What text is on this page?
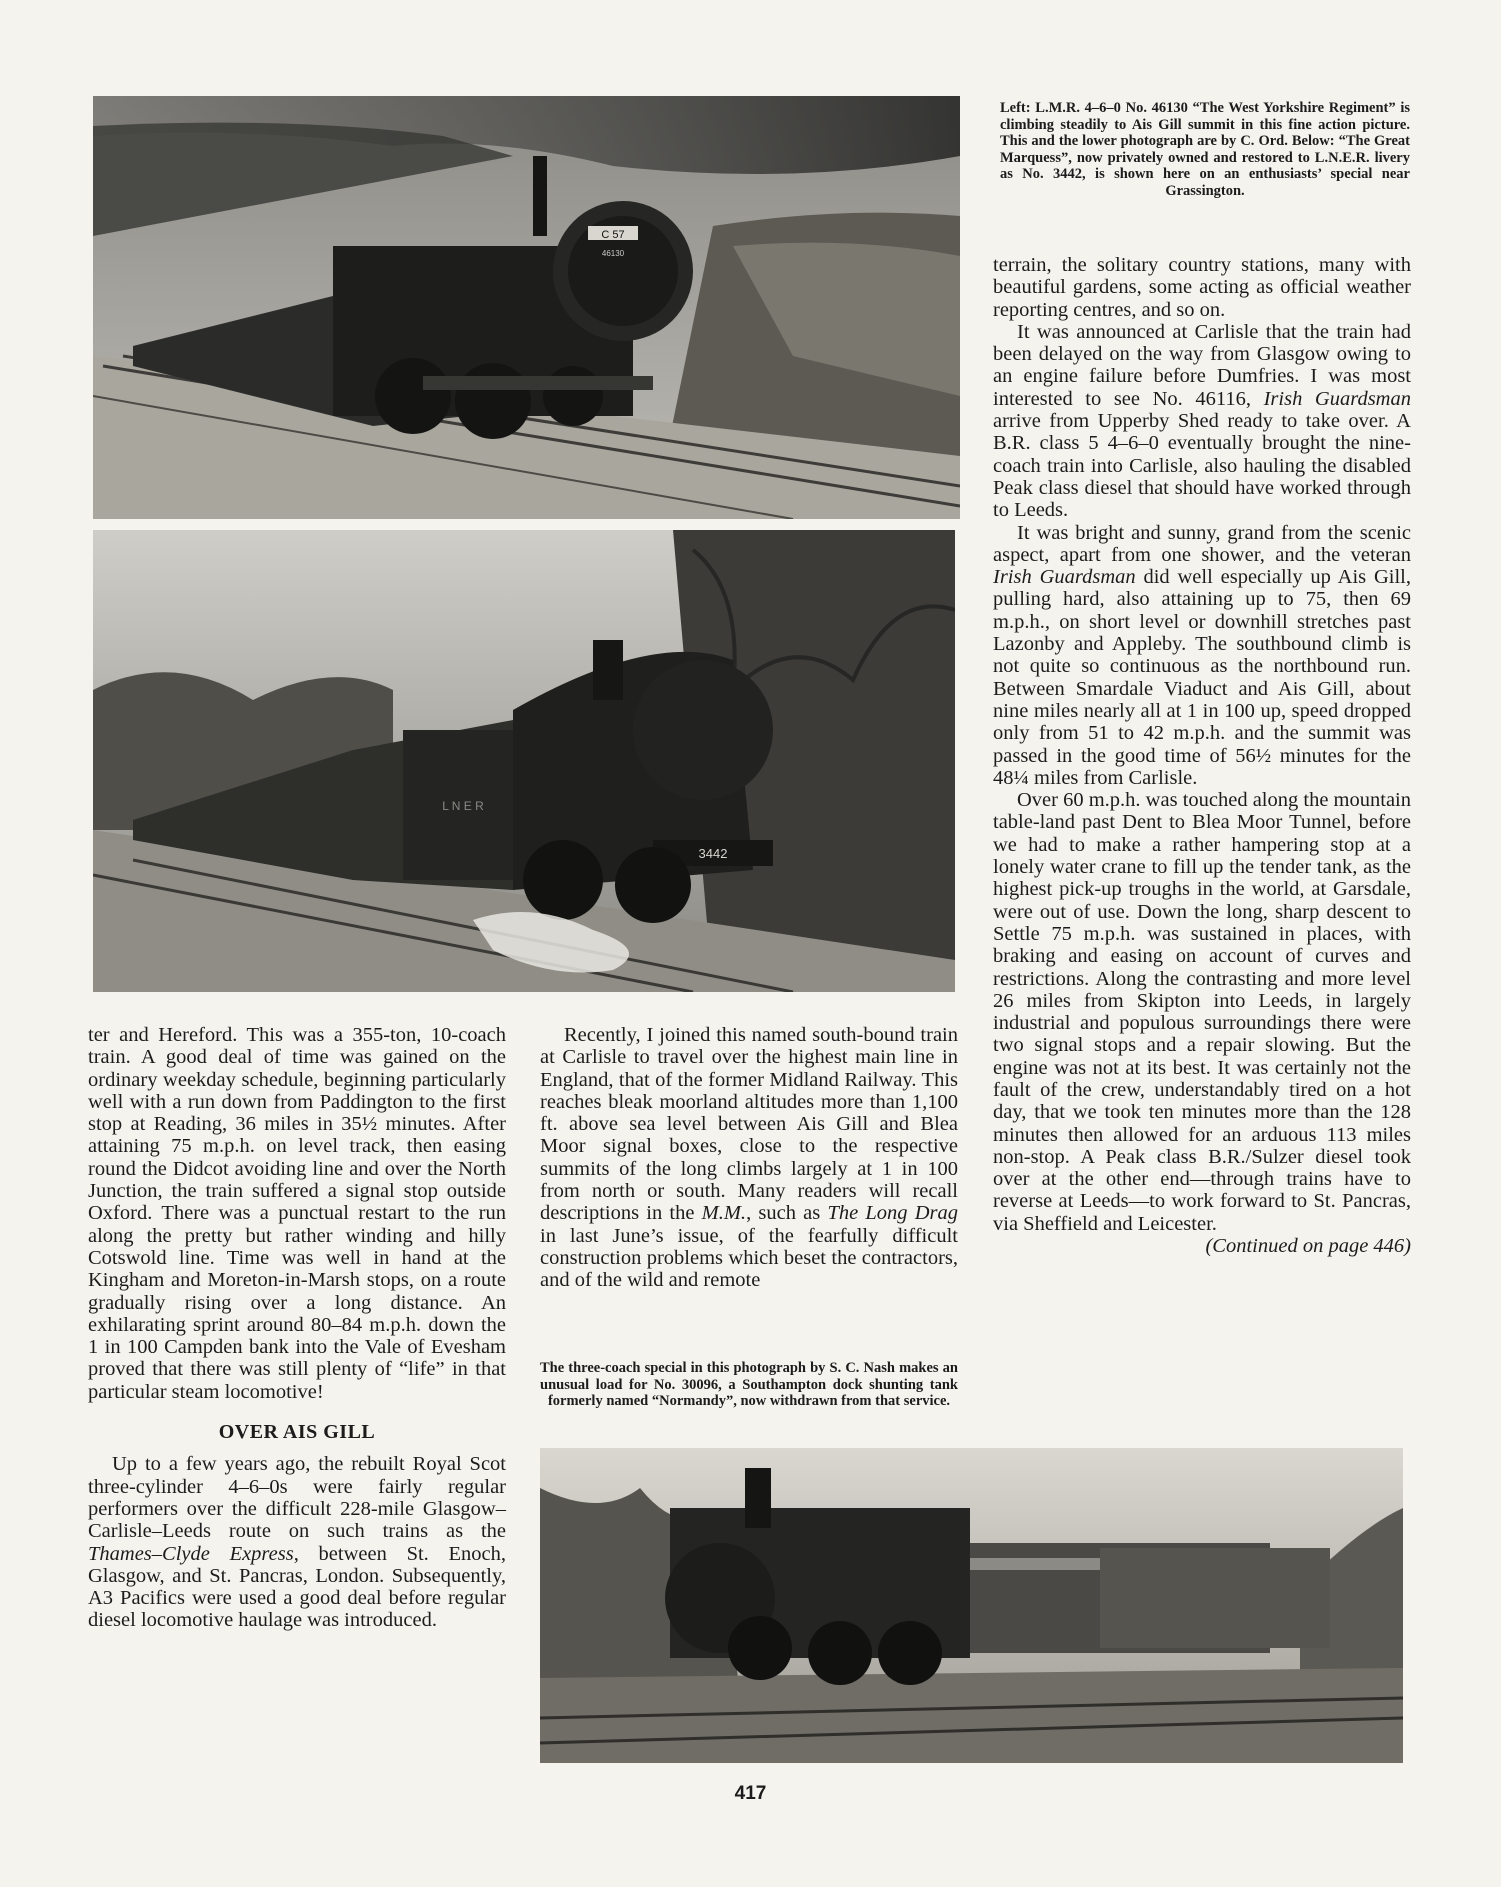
C 57
46130
L N E R
3442
Left: L.M.R. 4–6–0 No. 46130 “The West Yorkshire Regiment” is climbing steadily to Ais Gill summit in this fine action picture. This and the lower photograph are by C. Ord. Below: “The Great Marquess”, now privately owned and restored to L.N.E.R. livery as No. 3442, is shown here on an enthusiasts’ special near Grassington.

ter and Hereford. This was a 355-ton, 10-coach train. A good deal of time was gained on the ordinary weekday schedule, beginning particularly well with a run down from Paddington to the first stop at Reading, 36 miles in 35½ minutes. After attaining 75 m.p.h. on level track, then easing round the Didcot avoiding line and over the North Junction, the train suffered a signal stop outside Oxford. There was a punctual restart to the run along the pretty but rather winding and hilly Cotswold line. Time was well in hand at the Kingham and Moreton-in-Marsh stops, on a route gradually rising over a long distance. An exhilarating sprint around 80–84 m.p.h. down the 1 in 100 Campden bank into the Vale of Evesham proved that there was still plenty of “life” in that particular steam locomotive!

OVER AIS GILL

Up to a few years ago, the rebuilt Royal Scot three-cylinder 4–6–0s were fairly regular performers over the difficult 228-mile Glasgow–Carlisle–Leeds route on such trains as the Thames–Clyde Express, between St. Enoch, Glasgow, and St. Pancras, London. Subsequently, A3 Pacifics were used a good deal before regular diesel locomotive haulage was introduced.

Recently, I joined this named south-bound train at Carlisle to travel over the highest main line in England, that of the former Midland Railway. This reaches bleak moorland altitudes more than 1,100 ft. above sea level between Ais Gill and Blea Moor signal boxes, close to the respective summits of the long climbs largely at 1 in 100 from north or south. Many readers will recall descriptions in the M.M., such as The Long Drag in last June’s issue, of the fearfully difficult construction problems which beset the contractors, and of the wild and remote

The three-coach special in this photograph by S. C. Nash makes an unusual load for No. 30096, a Southampton dock shunting tank formerly named “Normandy”, now withdrawn from that service.

terrain, the solitary country stations, many with beautiful gardens, some acting as official weather reporting centres, and so on.

It was announced at Carlisle that the train had been delayed on the way from Glasgow owing to an engine failure before Dumfries. I was most interested to see No. 46116, Irish Guardsman arrive from Upperby Shed ready to take over. A B.R. class 5 4–6–0 eventually brought the nine-coach train into Carlisle, also hauling the disabled Peak class diesel that should have worked through to Leeds.

It was bright and sunny, grand from the scenic aspect, apart from one shower, and the veteran Irish Guardsman did well especially up Ais Gill, pulling hard, also attaining up to 75, then 69 m.p.h., on short level or downhill stretches past Lazonby and Appleby. The southbound climb is not quite so continuous as the northbound run. Between Smardale Viaduct and Ais Gill, about nine miles nearly all at 1 in 100 up, speed dropped only from 51 to 42 m.p.h. and the summit was passed in the good time of 56½ minutes for the 48¼ miles from Carlisle.

Over 60 m.p.h. was touched along the mountain table-land past Dent to Blea Moor Tunnel, before we had to make a rather hampering stop at a lonely water crane to fill up the tender tank, as the highest pick-up troughs in the world, at Garsdale, were out of use. Down the long, sharp descent to Settle 75 m.p.h. was sustained in places, with braking and easing on account of curves and restrictions. Along the contrasting and more level 26 miles from Skipton into Leeds, in largely industrial and populous surroundings there were two signal stops and a repair slowing. But the engine was not at its best. It was certainly not the fault of the crew, understandably tired on a hot day, that we took ten minutes more than the 128 minutes then allowed for an arduous 113 miles non-stop. A Peak class B.R./Sulzer diesel took over at the other end—through trains have to reverse at Leeds—to work forward to St. Pancras, via Sheffield and Leicester.

(Continued on page 446)

417
